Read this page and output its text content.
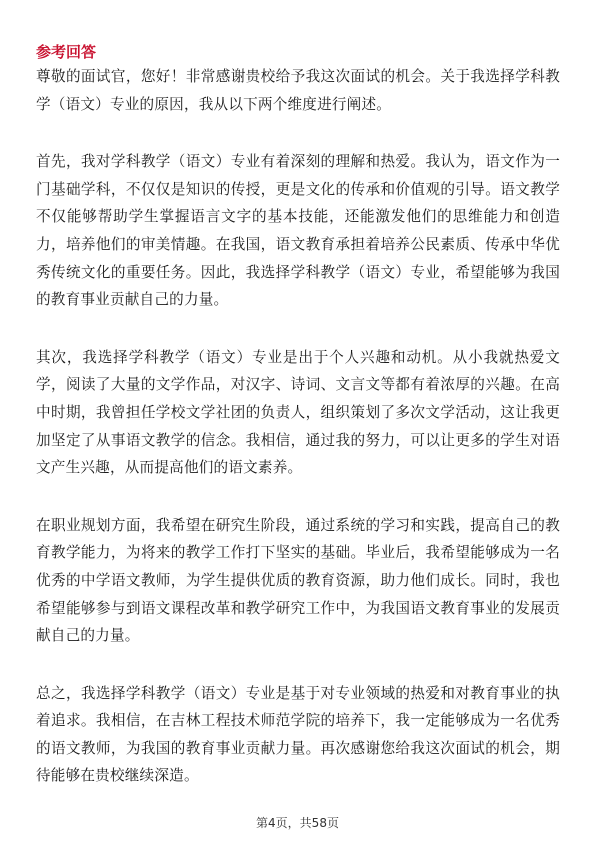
参考回答

尊敬的面试官，您好！非常感谢贵校给予我这次面试的机会。关于我选择学科教学（语文）专业的原因，我从以下两个维度进行阐述。

首先，我对学科教学（语文）专业有着深刻的理解和热爱。我认为，语文作为一门基础学科，不仅仅是知识的传授，更是文化的传承和价值观的引导。语文教学不仅能够帮助学生掌握语言文字的基本技能，还能激发他们的思维能力和创造力，培养他们的审美情趣。在我国，语文教育承担着培养公民素质、传承中华优秀传统文化的重要任务。因此，我选择学科教学（语文）专业，希望能够为我国的教育事业贡献自己的力量。

其次，我选择学科教学（语文）专业是出于个人兴趣和动机。从小我就热爱文学，阅读了大量的文学作品，对汉字、诗词、文言文等都有着浓厚的兴趣。在高中时期，我曾担任学校文学社团的负责人，组织策划了多次文学活动，这让我更加坚定了从事语文教学的信念。我相信，通过我的努力，可以让更多的学生对语文产生兴趣，从而提高他们的语文素养。

在职业规划方面，我希望在研究生阶段，通过系统的学习和实践，提高自己的教育教学能力，为将来的教学工作打下坚实的基础。毕业后，我希望能够成为一名优秀的中学语文教师，为学生提供优质的教育资源，助力他们成长。同时，我也希望能够参与到语文课程改革和教学研究工作中，为我国语文教育事业的发展贡献自己的力量。

总之，我选择学科教学（语文）专业是基于对专业领域的热爱和对教育事业的执着追求。我相信，在吉林工程技术师范学院的培养下，我一定能够成为一名优秀的语文教师，为我国的教育事业贡献力量。再次感谢您给我这次面试的机会，期待能够在贵校继续深造。

第4页，共58页
